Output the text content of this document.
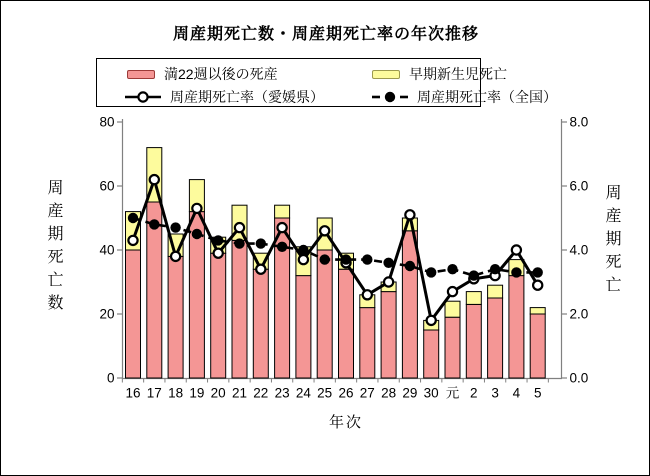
周産期死亡数・周産期死亡率の年次推移
満22週以後の死産	早期新生児死亡
周産期死亡率（愛媛県）	周産期死亡率（全国）
周産期死亡数	周産期死亡
年次
80
60
40
20
0
8.0
6.0
4.0
2.0
0.0
16 17 18 19 20 21 22 23 24 25 26 27 28 29 30 元 2 3 4 5
